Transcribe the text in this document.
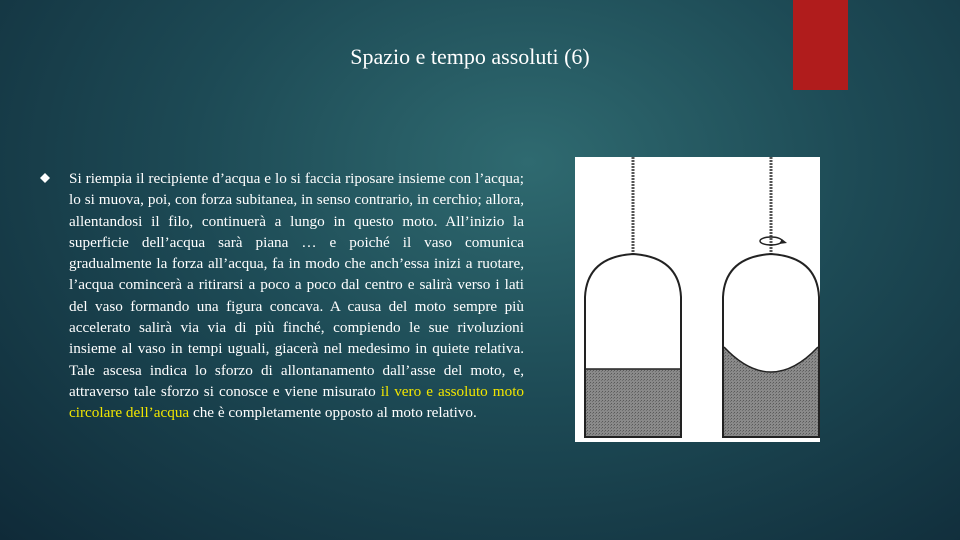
Spazio e tempo assoluti (6)
Si riempia il recipiente d’acqua e lo si faccia riposare insieme con l’acqua; lo si muova, poi, con forza subitanea, in senso contrario, in cerchio; allora, allentandosi il filo, continuerà a lungo in questo moto. All’inizio la superficie dell’acqua sarà piana … e poiché il vaso comunica gradualmente la forza all’acqua, fa in modo che anch’essa inizi a ruotare, l’acqua comincerà a ritirarsi a poco a poco dal centro e salirà verso i lati del vaso formando una figura concava. A causa del moto sempre più accelerato salirà via via di più finché, compiendo le sue rivoluzioni insieme al vaso in tempi uguali, giacerà nel medesimo in quiete relativa. Tale ascesa indica lo sforzo di allontanamento dall’asse del moto, e, attraverso tale sforzo si conosce e viene misurato il vero e assoluto moto circolare dell’acqua che è completamente opposto al moto relativo.
